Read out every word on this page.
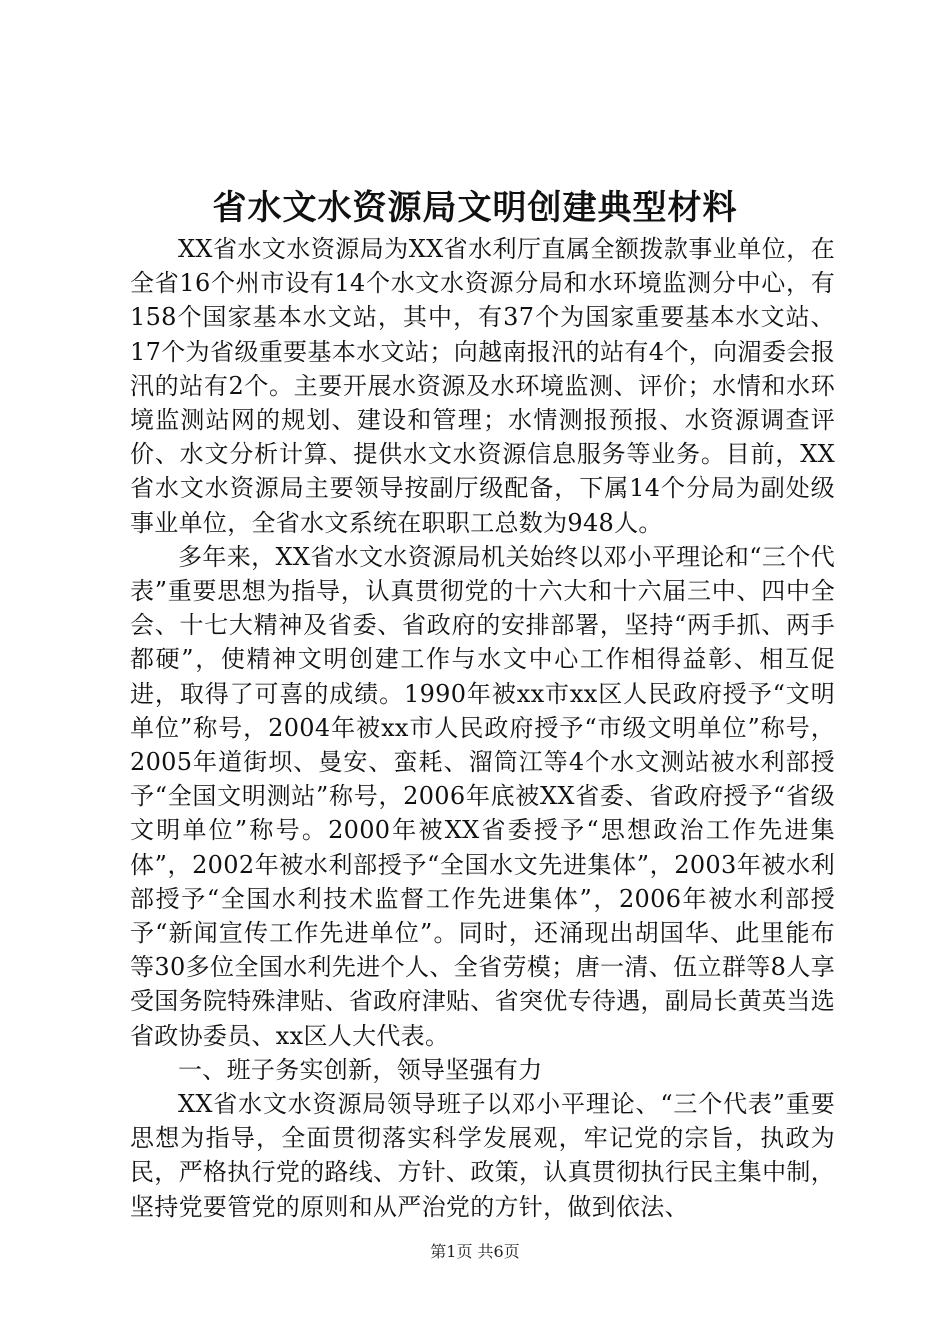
省水文水资源局文明创建典型材料

XX省水文水资源局为XX省水利厅直属全额拨款事业单位，在全省16个州市设有14个水文水资源分局和水环境监测分中心，有158个国家基本水文站，其中，有37个为国家重要基本水文站、17个为省级重要基本水文站；向越南报汛的站有4个，向湄委会报汛的站有2个。主要开展水资源及水环境监测、评价；水情和水环境监测站网的规划、建设和管理；水情测报预报、水资源调查评价、水文分析计算、提供水文水资源信息服务等业务。目前，XX省水文水资源局主要领导按副厅级配备，下属14个分局为副处级事业单位，全省水文系统在职职工总数为948人。

多年来，XX省水文水资源局机关始终以邓小平理论和“三个代表”重要思想为指导，认真贯彻党的十六大和十六届三中、四中全会、十七大精神及省委、省政府的安排部署，坚持“两手抓、两手都硬”，使精神文明创建工作与水文中心工作相得益彰、相互促进，取得了可喜的成绩。1990年被xx市xx区人民政府授予“文明单位”称号，2004年被xx市人民政府授予“市级文明单位”称号，2005年道街坝、曼安、蛮耗、溜筒江等4个水文测站被水利部授予“全国文明测站”称号，2006年底被XX省委、省政府授予“省级文明单位”称号。2000年被XX省委授予“思想政治工作先进集体”，2002年被水利部授予“全国水文先进集体”，2003年被水利部授予“全国水利技术监督工作先进集体”，2006年被水利部授予“新闻宣传工作先进单位”。同时，还涌现出胡国华、此里能布等30多位全国水利先进个人、全省劳模；唐一清、伍立群等8人享受国务院特殊津贴、省政府津贴、省突优专待遇，副局长黄英当选省政协委员、xx区人大代表。

一、班子务实创新，领导坚强有力

XX省水文水资源局领导班子以邓小平理论、“三个代表”重要思想为指导，全面贯彻落实科学发展观，牢记党的宗旨，执政为民，严格执行党的路线、方针、政策，认真贯彻执行民主集中制，坚持党要管党的原则和从严治党的方针，做到依法、

第1页 共6页
